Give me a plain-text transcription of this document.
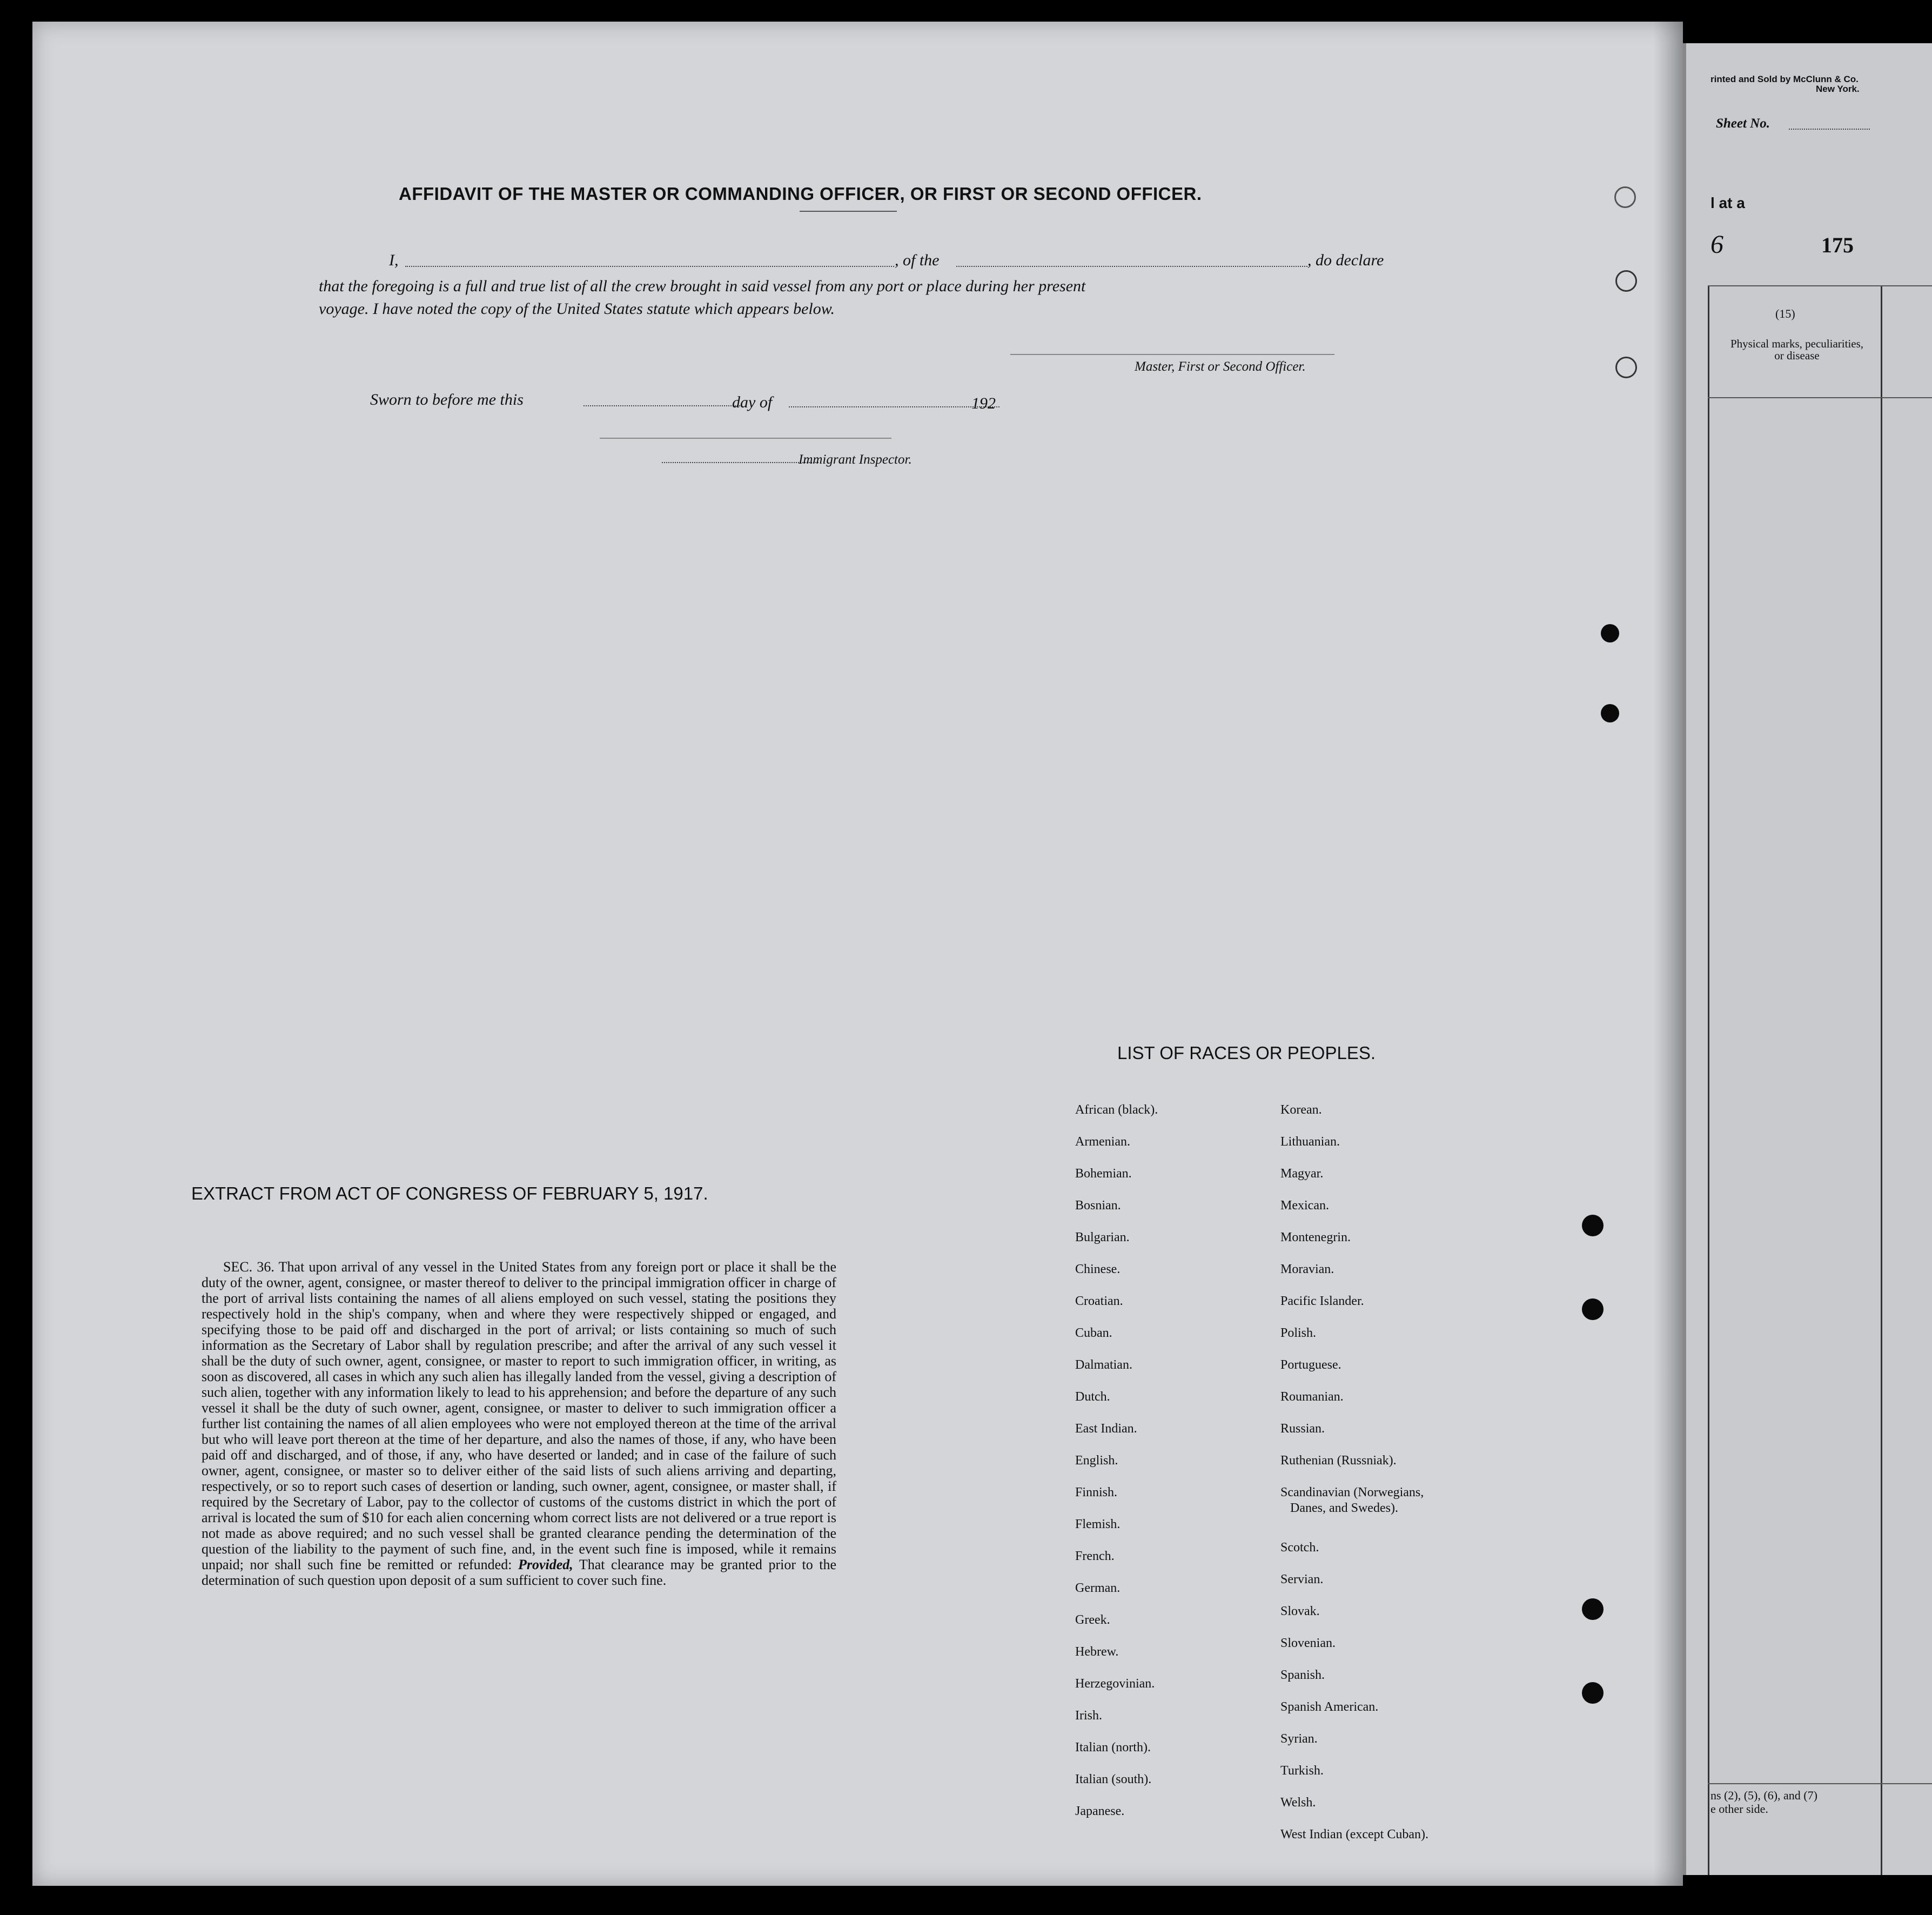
AFFIDAVIT OF THE MASTER OR COMMANDING OFFICER, OR FIRST OR SECOND OFFICER.
I,	, of the	, do declare
that the foregoing is a full and true list of all the crew brought in said vessel from any port or place during her present
voyage. I have noted the copy of the United States statute which appears below.
Master, First or Second Officer.
Sworn to before me this	day of	192
Immigrant Inspector.
EXTRACT FROM ACT OF CONGRESS OF FEBRUARY 5, 1917.
SEC. 36. That upon arrival of any vessel in the United States from any foreign port or place it shall be the duty of the owner, agent, consignee, or master thereof to deliver to the principal immigration officer in charge of the port of arrival lists containing the names of all aliens employed on such vessel, stating the positions they respectively hold in the ship's company, when and where they were respectively shipped or engaged, and specifying those to be paid off and discharged in the port of arrival; or lists containing so much of such information as the Secretary of Labor shall by regulation prescribe; and after the arrival of any such vessel it shall be the duty of such owner, agent, consignee, or master to report to such immigration officer, in writing, as soon as discovered, all cases in which any such alien has illegally landed from the vessel, giving a description of such alien, together with any information likely to lead to his apprehension; and before the departure of any such vessel it shall be the duty of such owner, agent, consignee, or master to deliver to such immigration officer a further list containing the names of all alien employees who were not employed thereon at the time of the arrival but who will leave port thereon at the time of her departure, and also the names of those, if any, who have been paid off and discharged, and of those, if any, who have deserted or landed; and in case of the failure of such owner, agent, consignee, or master so to deliver either of the said lists of such aliens arriving and departing, respectively, or so to report such cases of desertion or landing, such owner, agent, consignee, or master shall, if required by the Secretary of Labor, pay to the collector of customs of the customs district in which the port of arrival is located the sum of $10 for each alien concerning whom correct lists are not delivered or a true report is not made as above required; and no such vessel shall be granted clearance pending the determination of the question of the liability to the payment of such fine, and, in the event such fine is imposed, while it remains unpaid; nor shall such fine be remitted or refunded: Provided, That clearance may be granted prior to the determination of such question upon deposit of a sum sufficient to cover such fine.
LIST OF RACES OR PEOPLES.
African (black).
Armenian.
Bohemian.
Bosnian.
Bulgarian.
Chinese.
Croatian.
Cuban.
Dalmatian.
Dutch.
East Indian.
English.
Finnish.
Flemish.
French.
German.
Greek.
Hebrew.
Herzegovinian.
Irish.
Italian (north).
Italian (south).
Japanese.
Korean.
Lithuanian.
Magyar.
Mexican.
Montenegrin.
Moravian.
Pacific Islander.
Polish.
Portuguese.
Roumanian.
Russian.
Ruthenian (Russniak).
Scandinavian (Norwegians,
Danes, and Swedes).
Scotch.
Servian.
Slovak.
Slovenian.
Spanish.
Spanish American.
Syrian.
Turkish.
Welsh.
West Indian (except Cuban).
rinted and Sold by McClunn & Co.
New York.
Sheet No.
l at a
6	175
(15)
Physical marks, peculiarities, or disease
ns (2), (5), (6), and (7)
e other side.
